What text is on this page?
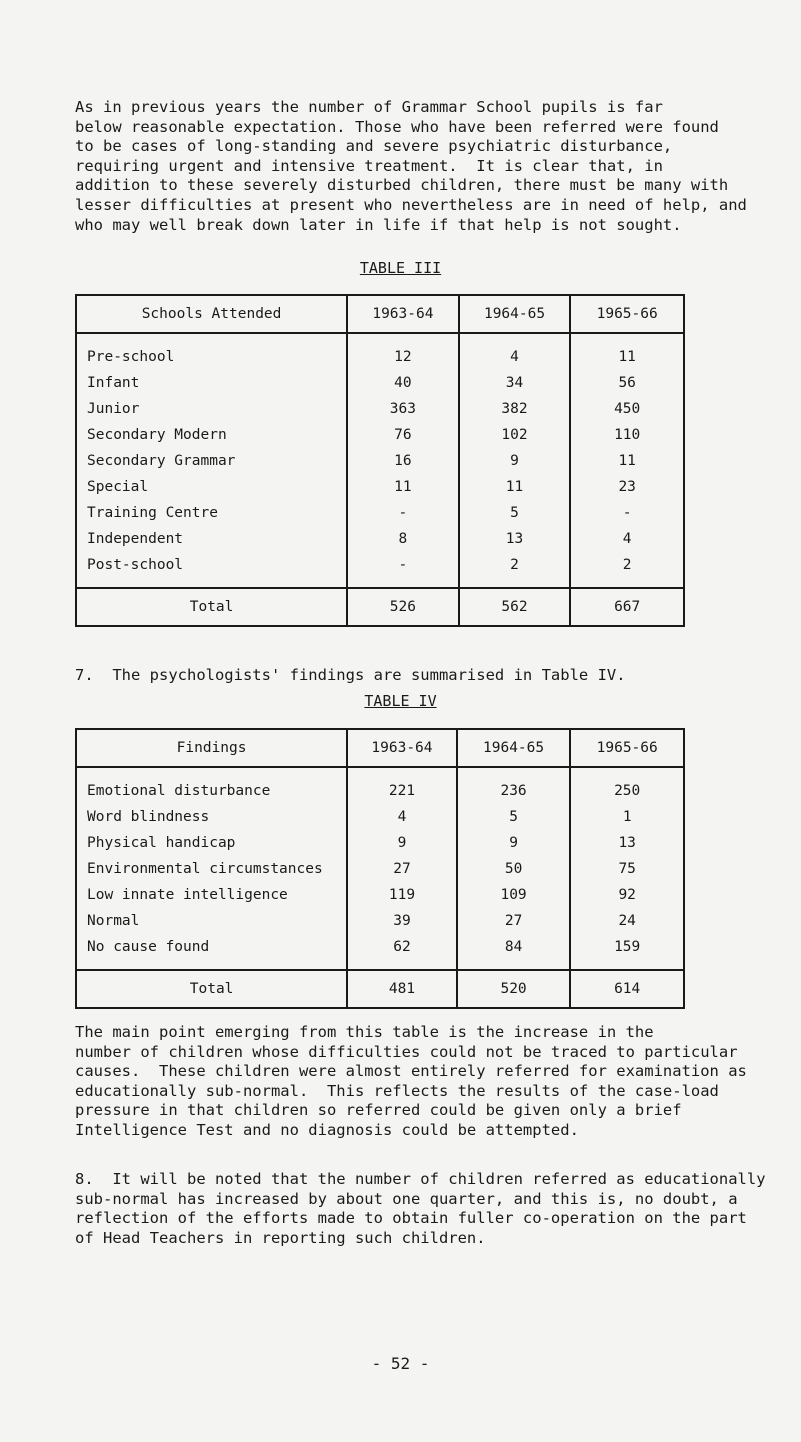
As in previous years the number of Grammar School pupils is far
below reasonable expectation. Those who have been referred were found
to be cases of long-standing and severe psychiatric disturbance,
requiring urgent and intensive treatment.  It is clear that, in
addition to these severely disturbed children, there must be many with
lesser difficulties at present who nevertheless are in need of help, and
who may well break down later in life if that help is not sought.
TABLE III
Schools Attended	1963-64	1964-65	1965-66
Pre-school	12	4	11
Infant	40	34	56
Junior	363	382	450
Secondary Modern	76	102	110
Secondary Grammar	16	9	11
Special	11	11	23
Training Centre	-	5	-
Independent	8	13	4
Post-school	-	2	2
Total	526	562	667
7.  The psychologists' findings are summarised in Table IV.
TABLE IV
Findings	1963-64	1964-65	1965-66
Emotional disturbance	221	236	250
Word blindness	4	5	1
Physical handicap	9	9	13
Environmental circumstances	27	50	75
Low innate intelligence	119	109	92
Normal	39	27	24
No cause found	62	84	159
Total	481	520	614
The main point emerging from this table is the increase in the
number of children whose difficulties could not be traced to particular
causes.  These children were almost entirely referred for examination as
educationally sub-normal.  This reflects the results of the case-load
pressure in that children so referred could be given only a brief
Intelligence Test and no diagnosis could be attempted.
8.  It will be noted that the number of children referred as educationally
sub-normal has increased by about one quarter, and this is, no doubt, a
reflection of the efforts made to obtain fuller co-operation on the part
of Head Teachers in reporting such children.
- 52 -
